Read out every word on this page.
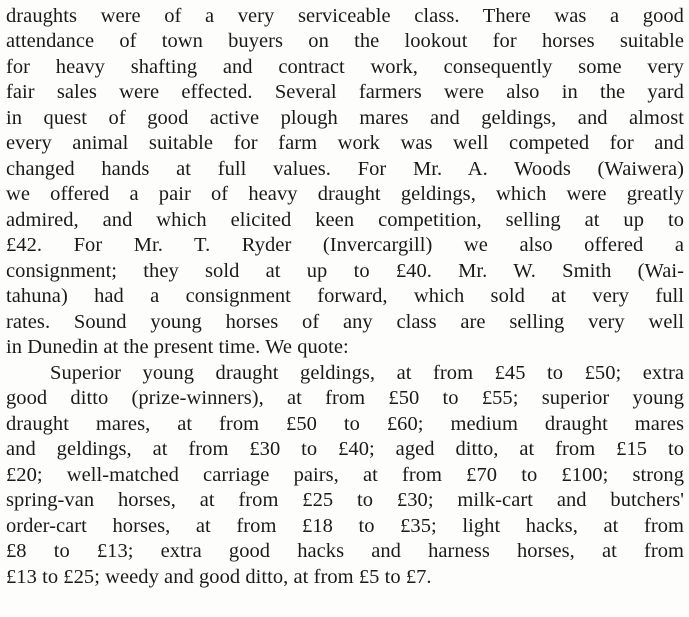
draughts were of a very serviceable class. There was a good
attendance of town buyers on the lookout for horses suitable
for heavy shafting and contract work, consequently some very
fair sales were effected. Several farmers were also in the yard
in quest of good active plough mares and geldings, and almost
every animal suitable for farm work was well competed for and
changed hands at full values. For Mr. A. Woods (Waiwera)
we offered a pair of heavy draught geldings, which were greatly
admired, and which elicited keen competition, selling at up to
£42. For Mr. T. Ryder (Invercargill) we also offered a
consignment; they sold at up to £40. Mr. W. Smith (Wai-
tahuna) had a consignment forward, which sold at very full
rates. Sound young horses of any class are selling very well
in Dunedin at the present time. We quote:
Superior young draught geldings, at from £45 to £50; extra
good ditto (prize-winners), at from £50 to £55; superior young
draught mares, at from £50 to £60; medium draught mares
and geldings, at from £30 to £40; aged ditto, at from £15 to
£20; well-matched carriage pairs, at from £70 to £100; strong
spring-van horses, at from £25 to £30; milk-cart and butchers'
order-cart horses, at from £18 to £35; light hacks, at from
£8 to £13; extra good hacks and harness horses, at from
£13 to £25; weedy and good ditto, at from £5 to £7.
